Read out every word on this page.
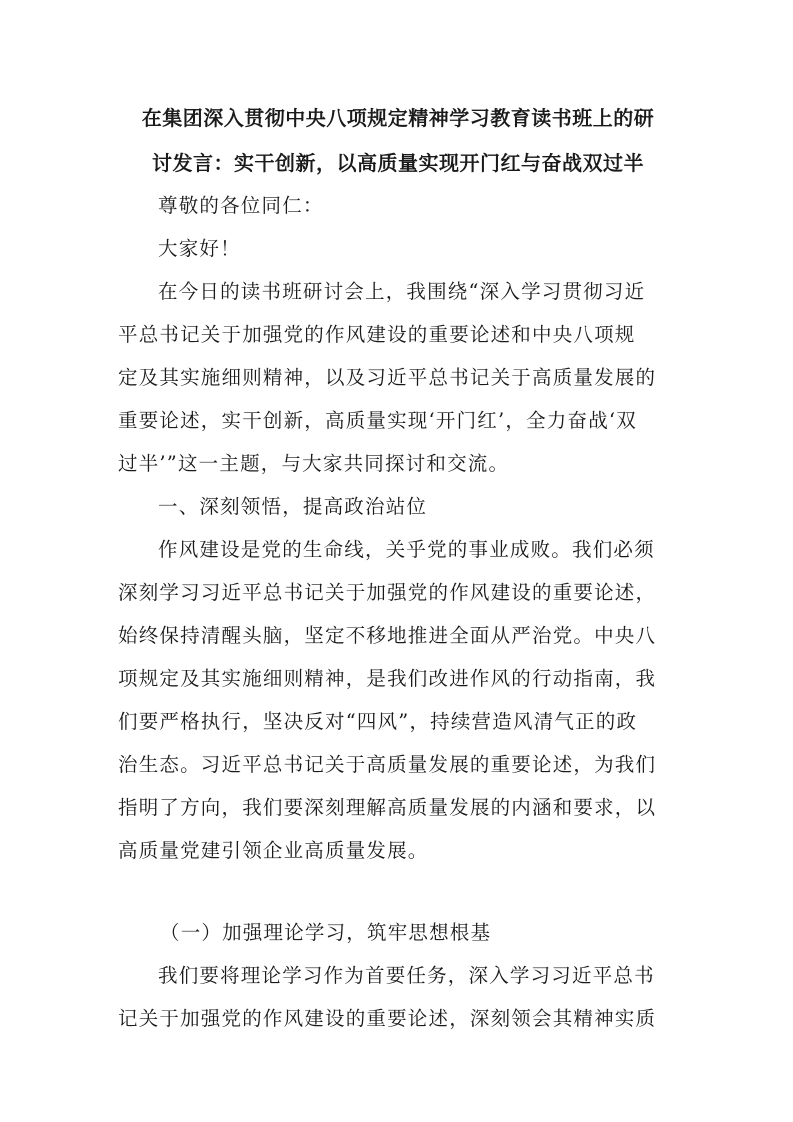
在集团深入贯彻中央八项规定精神学习教育读书班上的研
讨发言：实干创新，以高质量实现开门红与奋战双过半
尊敬的各位同仁：
大家好！
在今日的读书班研讨会上，我围绕“深入学习贯彻习近
平总书记关于加强党的作风建设的重要论述和中央八项规
定及其实施细则精神，以及习近平总书记关于高质量发展的
重要论述，实干创新，高质量实现‘开门红’，全力奋战‘双
过半’”这一主题，与大家共同探讨和交流。
一、深刻领悟，提高政治站位
作风建设是党的生命线，关乎党的事业成败。我们必须
深刻学习习近平总书记关于加强党的作风建设的重要论述，
始终保持清醒头脑，坚定不移地推进全面从严治党。中央八
项规定及其实施细则精神，是我们改进作风的行动指南，我
们要严格执行，坚决反对“四风”，持续营造风清气正的政
治生态。习近平总书记关于高质量发展的重要论述，为我们
指明了方向，我们要深刻理解高质量发展的内涵和要求，以
高质量党建引领企业高质量发展。
（一）加强理论学习，筑牢思想根基
我们要将理论学习作为首要任务，深入学习习近平总书
记关于加强党的作风建设的重要论述，深刻领会其精神实质
